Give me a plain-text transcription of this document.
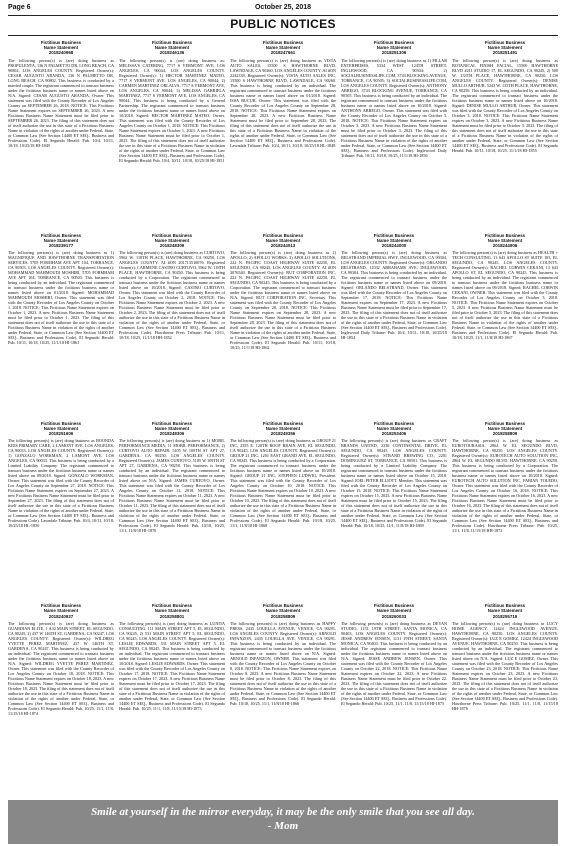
Page 6	October 25, 2018
PUBLIC NOTICES
Fictitious Business
Name Statement
2018240968
The following person(s) is (are) doing business as PROPULENTA, 136 N PALMETTO DR, LONG BEACH, CA 90802, LOS ANGELES COUNTY. Registered Owner(s): CESAR AUGUSTO ARANDA, 136 N PALMETTO DR, LONG BEACH, CA 90802. This business is conducted by a married couple. The registrant commenced to transact business under the fictitious business name or names listed above on N/A. Signed: CESAR AUGUSTO ARANDA, Owner. This statement was filed with the County Recorder of Los Angeles County on SEPTEMBER 26, 2018. NOTICE: This Fictitious Name Statement expires on SEPTEMBER 26, 2023. A new Fictitious Business Name Statement must be filed prior to SEPTEMBER 26, 2023. The filing of this statement does not of itself authorize the use in this state of a Fictitious Business Name in violation of the rights of another under Federal, State, or Common Law (See Section 14400 ET SEQ., Business and Professions Code). El Segundo Herald: Pub. 10/4, 10/11, 10/18, 10/25/18 HI-1849
Fictitious Business
Name Statement
2018246136
The following person(s) is (are) doing business as: MELISSA'S CATERING, 7717 S VERMONT AVE, LOS ANGELES, CA 90044, LOS ANGELES COUNTY. Registered Owner(s): 1) HECTOR MARTINEZ MATEO, 7717 S VERMONT AVE, LOS ANGELES, CA 90044; 2) CARMEN MARTINEZ ORLALVA, 7717 S VERMONT AVE, LOS ANGELES, CA 90044; 3) MELISSA GABRIELA MARTINEZ, 7717 S VERMONT AVE, LOS ANGELES, CA 90044. This business is being conducted by a General Partnership. The registrant commenced to transact business under the fictitious business name or names listed above on 10/2018. Signed: HECTOR MARTINEZ MATEO, Owner. This statement was filed with the County Recorder of Los Angeles County on October 1, 2018. NOTICE: This Fictitious Name Statement expires on October 1, 2023. A new Fictitious Business Name Statement must be filed prior to October 1, 2023. The filing of this statement does not of itself authorize the use in this state of a Fictitious Business Name in violation of the rights of another under Federal, State, or Common Law (See Section 14400 ET SEQ., Business and Professions Code). El Segundo Herald: Pub. 10/4, 10/11, 10/18, 10/25/18 HI-1851
Fictitious Business
Name Statement
2018247661
The following person(s) is (are) doing business as VISTA AUTO SALES, 15500 S HAWTHORNE BLVD, LAWNDALE, CA 90260, LOS ANGELES COUNTY. AI #ON 2242339. Registered Owner(s): VISTA AUTO SALES INC, 15500 S HAWTHORNE BLVD, LAWNDALE, CA 90260. This business is being conducted by an individual. The registrant commenced to transact business under the fictitious business name or names listed above on 01/2018. Signed: ISSA BUCUR, Owner. This statement was filed with the County Recorder of Los Angeles County on September 28, 2018. NOTICE: This Fictitious Name Statement expires on September 28, 2023. A new Fictitious Business Name Statement must be filed prior to September 28, 2023. The filing of this statement does not of itself authorize the use in this state of a Fictitious Business Name in violation of the rights of another under Federal, State, or Common Law (See Section 14400 ET SEQ., Business and Professions Code). Lawndale Tribune: Pub. 10/4, 10/11, 10/18, 10/25/18 HL-1848
Fictitious Business
Name Statement
2018251306
The following person(s) is (are) doing business as 1) PILLAR ENTERPRISES, 5334 WEST 124TH STREET, INGLEWOOD, CA 90304; 2) SOCIALBUSINESSLIFE.COM, 3743 BLOCKING AVENUE, TORRANCE, CA 90505; 3) SOCIALBUSINESSLIFE.COM, LOS ANGELES COUNTY. Registered Owner(s): ANTHONY ABREGO, 3743 BLOCKING AVENUE, TORRANCE, CA 90505. This business is being conducted by an individual. The registrant commenced to transact business under the fictitious business name or names listed above on 10/2018. Signed: ANTHONY ABREGO, Owner. This statement was filed with the County Recorder of Los Angeles County on October 3, 2018. NOTICE: This Fictitious Name Statement expires on October 3, 2023. A new Fictitious Business Name Statement must be filed prior to October 3, 2023. The filing of this statement does not of itself authorize the use in this state of a Fictitious Business Name in violation of the rights of another under Federal, State, or Common Law (See Section 14400 ET SEQ., Business and Professions Code). Inglewood Daily Tribune: Pub. 10/11, 10/18, 10/25, 11/1/18 HI-1856
Fictitious Business
Name Statement
2018251491
The following person(s) is (are) doing business as BOTANICAL FINISH FACIAL, 15500 HAWTHORNE BLVD #211 STUDIO 17, EL SEGUNDO, CA 90245, 2) 500 W. 133TH PLACE, HAWTHORNE, CA 90250, LOS ANGELES COUNTY. Registered Owner(s): DENISE MULLO ARTHUR, 5243 W. 133TH PLACE, HAWTHORNE, CA 90250. This business is being conducted by an individual. The registrant commenced to transact business under the fictitious business name or names listed above on 10/2018. Signed: DENISE MULLO ARTHUR, Owner. This statement was filed with the County Recorder of Los Angeles County on October 3, 2018. NOTICE: This Fictitious Name Statement expires on October 3, 2023. A new Fictitious Business Name Statement must be filed prior to October 3, 2023. The filing of this statement does not of itself authorize the use in this state of a Fictitious Business Name in violation of the rights of another under Federal, State, or Common Law (See Section 14400 ET SEQ., Business and Professions Code). El Segundo Herald: Pub. 10/11, 10/18, 10/25, 11/1/18 HI-1855
Fictitious Business
Name Statement
2018239177
The following person(s) is (are) doing business as 1) MAGNIFIQUE AND HAWTHORNE TRANSPORTATION SERVICES, 5705 FORMHAM AVE APT 104, TORRANCE, CA 90503, LOS ANGELES COUNTY. Registered Owner(s): MOHAMMAD MAHMOUDI MOSHIRI, 5705 FORMHAM AVE APT 104, TORRANCE, CA 90503. This business is being conducted by an individual. The registrant commenced to transact business under the fictitious business name or names listed above on 01/2018. Signed: MOHAMMAD MAHMOUDI MOSHIRI, Owner. This statement was filed with the County Recorder of Los Angeles County on October 1, 2018. NOTICE: This Fictitious Name Statement expires on October 1, 2023. A new Fictitious Business Name Statement must be filed prior to October 1, 2023. The filing of this statement does not of itself authorize the use in this state of a Fictitious Business Name in violation of the rights of another under Federal, State, or Common Law (See Section 14400 ET SEQ., Business and Professions Code). El Segundo Herald: Pub. 10/11, 10/18, 10/25, 11/1/18 HI-1861
Fictitious Business
Name Statement
2018248309
The following person(s) is (are) doing business as CURTOVO, 5962 W. 118TH PLACE, HAWTHORNE, CA 90250, LOS ANGELES COUNTY. AI #ON 201713510076. Registered Owner(s): CARMENE CASTRO CURTOVO, 5962 W. 118TH PLACE, HAWTHORNE, CA 90250. This business is being conducted by a Corporation. The registrant commenced to transact business under the fictitious business name or names listed above on 10/2018. Signed: CASTRO CURTOVO, Owner. This statement was filed with the County Recorder of Los Angeles County on October 2, 2018. NOTICE: This Fictitious Name Statement expires on October 2, 2023. A new Fictitious Business Name Statement must be filed prior to October 2, 2023. The filing of this statement does not of itself authorize the use in this state of a Fictitious Business Name in violation of the rights of another under Federal, State, or Common Law (See Section 14400 ET SEQ., Business and Professions Code). Hawthorne Press Tribune: Pub. 10/11, 10/18, 10/25, 11/1/18 HH-1852
Fictitious Business
Name Statement
2018244013
The following person(s) is (are) doing business as 1) APOLLO; 2) APOLLO WORKS; 3) APOLLO SOLUTIONS, 222 N. PACIFIC COAST HIGHWAY SUITE #2250, EL SEGUNDO, CA 90245, LOS ANGELES COUNTY. AI #ON 3076540. Registered Owner(s): RUT CORPORATION INC, 222 N. PACIFIC COAST HIGHWAY SUITE #2250, EL SEGUNDO, CA 90245. This business is being conducted by a Corporation. The registrant commenced to transact business under the fictitious business name or names listed above on N/A. Signed: RUT CORPORATION INC, Secretary. This statement was filed with the County Recorder of Los Angeles County on September 28, 2018. NOTICE: This Fictitious Name Statement expires on September 28, 2023. A new Fictitious Business Name Statement must be filed prior to September 28, 2023. The filing of this statement does not of itself authorize the use in this state of a Fictitious Business Name in violation of the rights of another under Federal, State, or Common Law (See Section 14400 ET SEQ., Business and Professions Code). El Segundo Herald: Pub. 10/11, 10/18, 10/25, 11/1/18 HI-1862
Fictitious Business
Name Statement
2018244000
The following person(s) is (are) doing business as BELSTRAND IMPERIAL HWY, INGLEWOOD, CA 90304, LOS ANGELES COUNTY. Registered Owner(s): ORLANDO BELSTRAND, 11032 ABRAHAMS AVE, INGLEWOOD, CA 90304. This business is being conducted by an individual. The registrant commenced to transact business under the fictitious business name or names listed above on 09/2018. Signed: ORLANDO BELSTRAND, Owner. This statement was filed with the County Recorder of Los Angeles County on September 17, 2018. NOTICE: This Fictitious Name Statement expires on September 17, 2023. A new Fictitious Business Name Statement must be filed prior to September 17, 2023. The filing of this statement does not of itself authorize the use in this state of a Fictitious Business Name in violation of the rights of another under Federal, State, or Common Law (See Section 14400 ET SEQ., Business and Professions Code). Inglewood Daily Tribune: Pub. 10/4, 10/11, 10/18, 10/25/18 HI-1854
Fictitious Business
Name Statement
2018244906
The following person(s) is (are) doing business as HEALTH + TECH CONSULTING, 13 643 APOLLO ST SUITE 103, EL SEGUNDO, CA 90245, LOS ANGELES COUNTY. Registered Owner(s): RACHEL CORWIN CEKANI, 13 643 APOLLO ST, EL SEGUNDO, CA 90245. This business is being conducted by an individual. The registrant commenced to transact business under the fictitious business name or names listed above on 09/2018. Signed: RACHEL CORWIN CEKANI, OWNER. This statement was filed with the County Recorder of Los Angeles County on October 5, 2018. NOTICE: This Fictitious Name Statement expires on October 5, 2023. A new Fictitious Business Name Statement must be filed prior to October 5, 2023. The filing of this statement does not of itself authorize the use in this state of a Fictitious Business Name in violation of the rights of another under Federal, State, or Common Law (See Section 14400 ET SEQ., Business and Professions Code). El Segundo Herald: Pub. 10/18, 10/25, 11/1, 11/8/18 HI-1867
Fictitious Business
Name Statement
2018251606
The following person(s) is (are) doing business as BOONDA KIDS PRIMARY CARE, 2 LAMONT AVE, LOS ANGELES, CA 90033, LOS ANGELES COUNTY. Registered Owner(s): 1) GONZALO WORKMAN, 2 LAMONT AVE, LOS ANGELES, CA 90033. This business is being conducted by a Limited Liability Company. The registrant commenced to transact business under the fictitious business name or names listed above on 09/2018. Signed: GONZALO WORKMAN, Owner. This statement was filed with the County Recorder of Los Angeles County on September 27, 2018. NOTICE: This Fictitious Name Statement expires on September 27, 2023. A new Fictitious Business Name Statement must be filed prior to September 27, 2023. The filing of this statement does not of itself authorize the use in this state of a Fictitious Business Name in violation of the rights of another under Federal, State, or Common Law (See Section 14400 ET SEQ., Business and Professions Code). Lawndale Tribune: Pub. 10/4, 10/11, 10/18, 10/25/18 HL-1850
Fictitious Business
Name Statement
2018248306
The following person(s) is (are) doing business as 1) MOBIL PERFORMANCE MEDIA, 11 MOBIL PERFORMANCE, 2) CURTOVO AUTO REPAIR, 5105 W 109TH ST APT 27, GARDENA, CA 90250, LOS ANGELES COUNTY. Registered Owner(s): JAMES CURTOVO, 5105 W 109TH ST APT 27, GARDENA, CA 90250. This business is being conducted by an individual. The registrant commenced to transact business under the fictitious business name or names listed above on N/A. Signed: JAMES CURTOVO, Owner. This statement was filed with the County Recorder of Los Angeles County on October 11, 2018. NOTICE: This Fictitious Name Statement expires on October 11, 2023. A new Fictitious Business Name Statement must be filed prior to October 11, 2023. The filing of this statement does not of itself authorize the use in this state of a Fictitious Business Name in violation of the rights of another under Federal, State, or Common Law (See Section 14400 ET SEQ., Business and Professions Code). El Segundo Herald: Pub. 10/18, 10/25, 11/1, 11/8/18 HI-1870
Fictitious Business
Name Statement
2018249356
The following person(s) is (are) doing business as GROUP 21 INC, 2355 E. 120TH ROOF BRAIN AVE, EL SEGUNDO, CA 90245, LOS ANGELES COUNTY. Registered Owner(s): GROUP 21 INC, 1201 EAST GRAND AVE, EL SEGUNDO, CA 90245. This business is being conducted by a Corporation. The registrant commenced to transact business under the fictitious business name or names listed above on 10/2018. Signed: GROUP 21 INC, STEPHEN LUDWIG, President. This statement was filed with the County Recorder of Los Angeles County on October 10, 2018. NOTICE: This Fictitious Name Statement expires on October 10, 2023. A new Fictitious Business Name Statement must be filed prior to October 10, 2023. The filing of this statement does not of itself authorize the use in this state of a Fictitious Business Name in violation of the rights of another under Federal, State, or Common Law (See Section 14400 ET SEQ., Business and Professions Code). El Segundo Herald: Pub. 10/18, 10/25, 11/1, 11/8/18 HI-1868
Fictitious Business
Name Statement
2018253406
The following person(s) is (are) doing business as CRAFT BRANDS UNITED, 2330 CONTINENTAL DRIVE, EL SEGUNDO, CA 90245, LOS ANGELES COUNTY. Registered Owner(s): STRAND BREWING CO., 2201 DOMINGUEZ ST, TORRANCE, CA 90501. This business is being conducted by a Limited Liability Company. The registrant commenced to transact business under the fictitious business name or names listed above on October 15, 2018. Signed: JOEL PETER ELLIOTT, Member. This statement was filed with the County Recorder of Los Angeles County on October 15, 2018. NOTICE: This Fictitious Name Statement expires on October 15, 2023. A new Fictitious Business Name Statement must be filed prior to October 15, 2023. The filing of this statement does not of itself authorize the use in this state of a Fictitious Business Name in violation of the rights of another under Federal, State, or Common Law (See Section 14400 ET SEQ., Business and Professions Code). El Segundo Herald: Pub. 10/18, 10/25, 11/1, 11/8/18 HI-1869
Fictitious Business
Name Statement
2018258809
The following person(s) is (are) doing business as EUROTOURASIA, 2864 W. EL SEGUNDO BLVD, HAWTHORNE, CA 90250, LOS ANGELES COUNTY. Registered Owner(s): EUROTECH AUTO SOLUTION INC, 2864 W. EL SEGUNDO BLVD, HAWTHORNE, CA 90250. This business is being conducted by a Corporation. The registrant commenced to transact business under the fictitious business name or names listed above on 10/2018. Signed: EUROTECH AUTO SOLUTION INC, FABIAN TOLEDO, Owner. This statement was filed with the County Recorder of Los Angeles County on October 16, 2018. NOTICE: This Fictitious Name Statement expires on October 16, 2023. A new Fictitious Business Name Statement must be filed prior to October 16, 2023. The filing of this statement does not of itself authorize the use in this state of a Fictitious Business Name in violation of the rights of another under Federal, State, or Common Law (See Section 14400 ET SEQ., Business and Professions Code). Hawthorne Press Tribune: Pub. 10/25, 11/1, 11/8, 11/15/18 HH-1872
Fictitious Business
Name Statement
2018240927
The following person(s) is (are) doing business as GUARDIAN ELITE, 1 A32 MAIN STREET, EL SEGUNDO, CA 90245, 2) 437 W 146TH ST, GARDENA, CA 90247, LOS ANGELES COUNTY. Registered Owner(s): WILDREG YVETTE PEREZ MARTINEZ, 437 W 146TH ST, GARDENA, CA 90247. This business is being conducted by an individual. The registrant commenced to transact business under the fictitious business name or names listed above on N/A. Signed: WILDREG YVETTE PEREZ MARTINEZ, Owner. This statement was filed with the County Recorder of Los Angeles County on October 18, 2018. NOTICE: This Fictitious Name Statement expires on October 18, 2023. A new Fictitious Business Name Statement must be filed prior to October 18, 2023. The filing of this statement does not of itself authorize the use in this state of a Fictitious Business Name in violation of the rights of another under Federal, State, or Common Law (See Section 14400 ET SEQ., Business and Professions Code). El Segundo Herald: Pub. 10/25, 11/1, 11/8, 11/15/18 HI-1874
Fictitious Business
Name Statement
2018258801
The following person(s) is (are) doing business as LUNITA CONSULTING, 111 MAIN STREET APT 5, EL SEGUNDO, CA 90245, 2) 531 MAIN STREET APT 5, EL SEGUNDO, CA 90245, LOS ANGELES COUNTY. Registered Owner(s): LESLIE EDWARDS, 531 MAIN STREET APT 5, EL SEGUNDO, CA 90245. This business is being conducted by an individual. The registrant commenced to transact business under the fictitious business name or names listed above on 10/2018. Signed: LESLIE EDWARDS, Owner. This statement was filed with the County Recorder of Los Angeles County on October 17, 2018. NOTICE: This Fictitious Name Statement expires on October 17, 2023. A new Fictitious Business Name Statement must be filed prior to October 17, 2023. The filing of this statement does not of itself authorize the use in this state of a Fictitious Business Name in violation of the rights of another under Federal, State, or Common Law (See Section 14400 ET SEQ., Business and Professions Code). El Segundo Herald: Pub. 10/25, 11/1, 11/8, 11/15/18 HI-1873
Fictitious Business
Name Statement
2018258809
The following person(s) is (are) doing business as HAPPY PRESS, 2435 LOUELLA AVENUE, VENICE, CA 90291, LOS ANGELES COUNTY. Registered Owner(s): ARNOLD INFANZON, 2435 LOUELLA AVE, VENICE, CA 90291. This business is being conducted by an individual. The registrant commenced to transact business under the fictitious business name or names listed above on N/A. Signed: ARNOLD INFANZON, OWNER. This statement was filed with the County Recorder of Los Angeles County on October 8, 2018. NOTICE: This Fictitious Name Statement expires on October 8, 2023. A new Fictitious Business Name Statement must be filed prior to October 8, 2023. The filing of this statement does not of itself authorize the use in this state of a Fictitious Business Name in violation of the rights of another under Federal, State, or Common Law (See Section 14400 ET SEQ., Business and Professions Code). El Segundo Herald: Pub. 10/18, 10/25, 11/1, 11/8/18 HI-1866
Fictitious Business
Name Statement
2018260033
The following person(s) is (are) doing business as DEVAN STUDIO, 1131 19TH STREET, SANTA MONICA, CA 90403, LOS ANGELES COUNTY. Registered Owner(s): JESSE ANDREW JENSEN, 1131 19TH STREET, SANTA MONICA, CA 90403. This business is being conducted by an individual. The registrant commenced to transact business under the fictitious business name or names listed above on N/A. Signed: JESSE ANDREW JENSEN, Owner. This statement was filed with the County Recorder of Los Angeles County on October 22, 2018. NOTICE: This Fictitious Name Statement expires on October 22, 2023. A new Fictitious Business Name Statement must be filed prior to October 22, 2023. The filing of this statement does not of itself authorize the use in this state of a Fictitious Business Name in violation of the rights of another under Federal, State, or Common Law (See Section 14400 ET SEQ., Business and Professions Code). El Segundo Herald: Pub. 10/25, 11/1, 11/8, 11/15/18 HI-1875
Fictitious Business
Name Statement
2018255719
The following person(s) is (are) doing business as LUCY HOME AGENCY, 12424 INGLEWOOD AVENUE, HAWTHORNE, CA 90250, LOS ANGELES COUNTY. Registered Owner(s): LUZ E GOMEZ, 12424 INGLEWOOD AVENUE, HAWTHORNE, CA 90250. This business is being conducted by an individual. The registrant commenced to transact business under the fictitious business name or names listed above on N/A. Signed: LUZ E GOMEZ, Owner. This statement was filed with the County Recorder of Los Angeles County on October 23, 2018. NOTICE: This Fictitious Name Statement expires on October 23, 2023. A new Fictitious Business Name Statement must be filed prior to October 23, 2023. The filing of this statement does not of itself authorize the use in this state of a Fictitious Business Name in violation of the rights of another under Federal, State, or Common Law (See Section 14400 ET SEQ., Business and Professions Code). Hawthorne Press Tribune: Pub. 10/25, 11/1, 11/8, 11/15/18 HH-1876
Smile at yourself in the mirror everyday, it may be the only smile that you see all day.
- Mom
